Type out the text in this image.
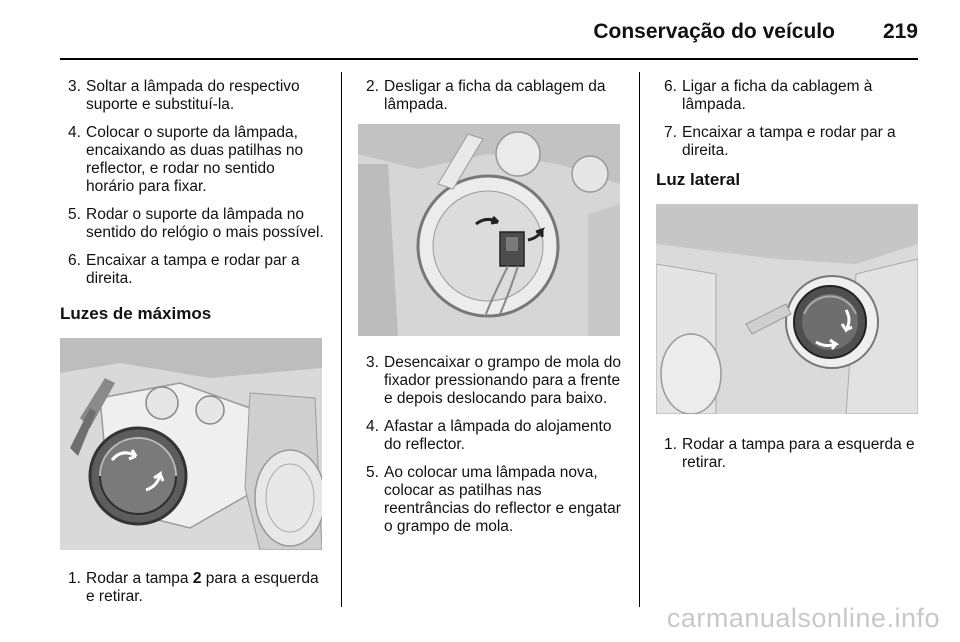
Conservação do veículo 219
3. Soltar a lâmpada do respectivo suporte e substituí-la.
4. Colocar o suporte da lâmpada, encaixando as duas patilhas no reflector, e rodar no sentido horário para fixar.
5. Rodar o suporte da lâmpada no sentido do relógio o mais possível.
6. Encaixar a tampa e rodar par a direita.
Luzes de máximos
1. Rodar a tampa 2 para a esquerda e retirar.
2. Desligar a ficha da cablagem da lâmpada.
3. Desencaixar o grampo de mola do fixador pressionando para a frente e depois deslocando para baixo.
4. Afastar a lâmpada do alojamento do reflector.
5. Ao colocar uma lâmpada nova, colocar as patilhas nas reentrâncias do reflector e engatar o grampo de mola.
6. Ligar a ficha da cablagem à lâmpada.
7. Encaixar a tampa e rodar par a direita.
Luz lateral
1. Rodar a tampa para a esquerda e retirar.
carmanualsonline.info
